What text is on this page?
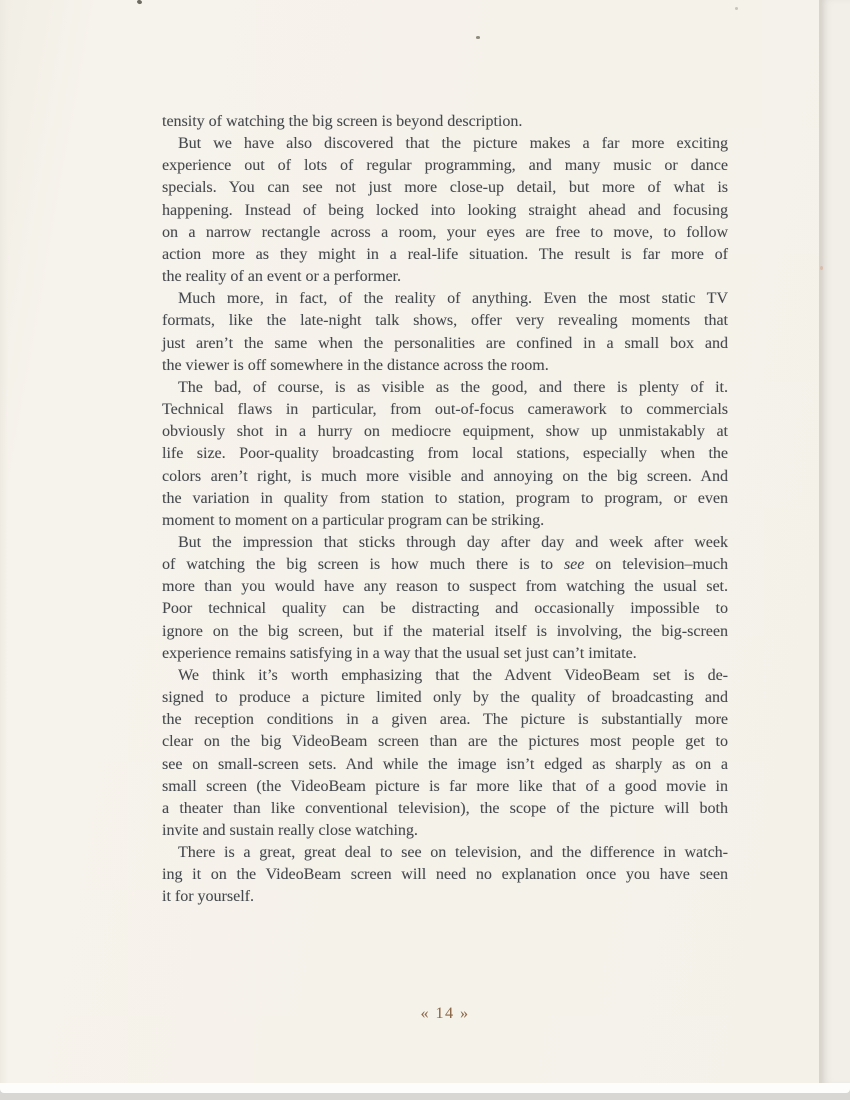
tensity of watching the big screen is beyond description.
But we have also discovered that the picture makes a far more exciting
experience out of lots of regular programming, and many music or dance
specials. You can see not just more close-up detail, but more of what is
happening. Instead of being locked into looking straight ahead and focusing
on a narrow rectangle across a room, your eyes are free to move, to follow
action more as they might in a real-life situation. The result is far more of
the reality of an event or a performer.
Much more, in fact, of the reality of anything. Even the most static TV
formats, like the late-night talk shows, offer very revealing moments that
just aren’t the same when the personalities are confined in a small box and
the viewer is off somewhere in the distance across the room.
The bad, of course, is as visible as the good, and there is plenty of it.
Technical flaws in particular, from out-of-focus camerawork to commercials
obviously shot in a hurry on mediocre equipment, show up unmistakably at
life size. Poor-quality broadcasting from local stations, especially when the
colors aren’t right, is much more visible and annoying on the big screen. And
the variation in quality from station to station, program to program, or even
moment to moment on a particular program can be striking.
But the impression that sticks through day after day and week after week
of watching the big screen is how much there is to see on television–much
more than you would have any reason to suspect from watching the usual set.
Poor technical quality can be distracting and occasionally impossible to
ignore on the big screen, but if the material itself is involving, the big-screen
experience remains satisfying in a way that the usual set just can’t imitate.
We think it’s worth emphasizing that the Advent VideoBeam set is de-
signed to produce a picture limited only by the quality of broadcasting and
the reception conditions in a given area. The picture is substantially more
clear on the big VideoBeam screen than are the pictures most people get to
see on small-screen sets. And while the image isn’t edged as sharply as on a
small screen (the VideoBeam picture is far more like that of a good movie in
a theater than like conventional television), the scope of the picture will both
invite and sustain really close watching.
There is a great, great deal to see on television, and the difference in watch-
ing it on the VideoBeam screen will need no explanation once you have seen
it for yourself.
« 14 »
